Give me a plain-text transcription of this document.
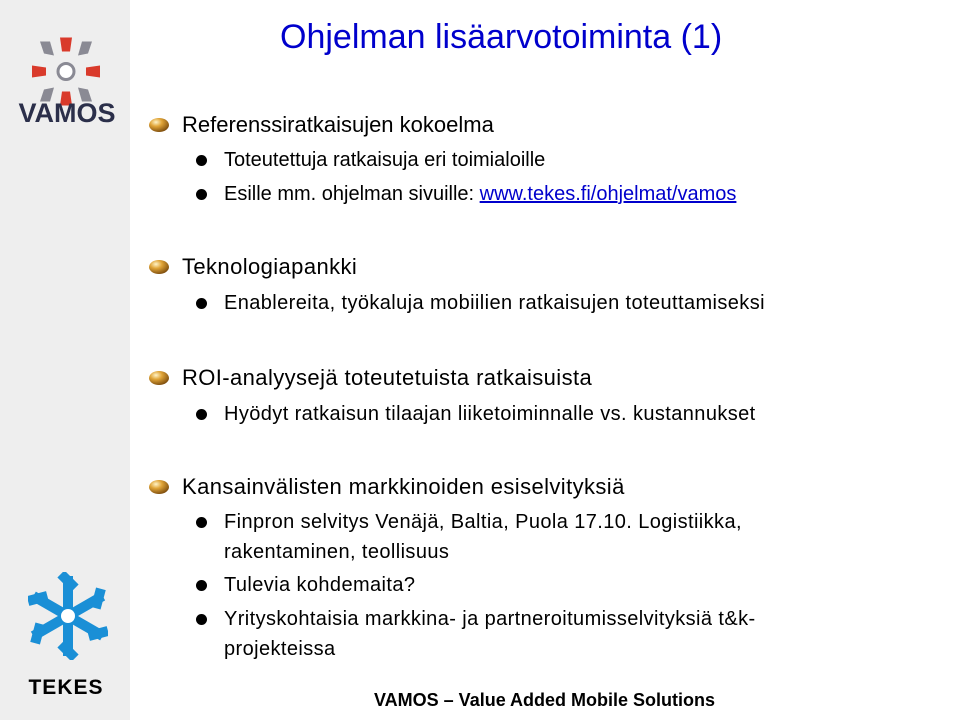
VAMOS
TEKES
Ohjelman lisäarvotoiminta (1)
Referenssiratkaisujen kokoelma
Toteutettuja ratkaisuja eri toimialoille
Esille mm. ohjelman sivuille: www.tekes.fi/ohjelmat/vamos
Teknologiapankki
Enablereita, työkaluja mobiilien ratkaisujen toteuttamiseksi
ROI-analyysejä toteutetuista ratkaisuista
Hyödyt ratkaisun tilaajan liiketoiminnalle vs. kustannukset
Kansainvälisten markkinoiden esiselvityksiä
Finpron selvitys Venäjä, Baltia, Puola 17.10. Logistiikka,
rakentaminen, teollisuus
Tulevia kohdemaita?
Yrityskohtaisia markkina- ja partneroitumisselvityksiä t&k-
projekteissa
VAMOS – Value Added Mobile Solutions
